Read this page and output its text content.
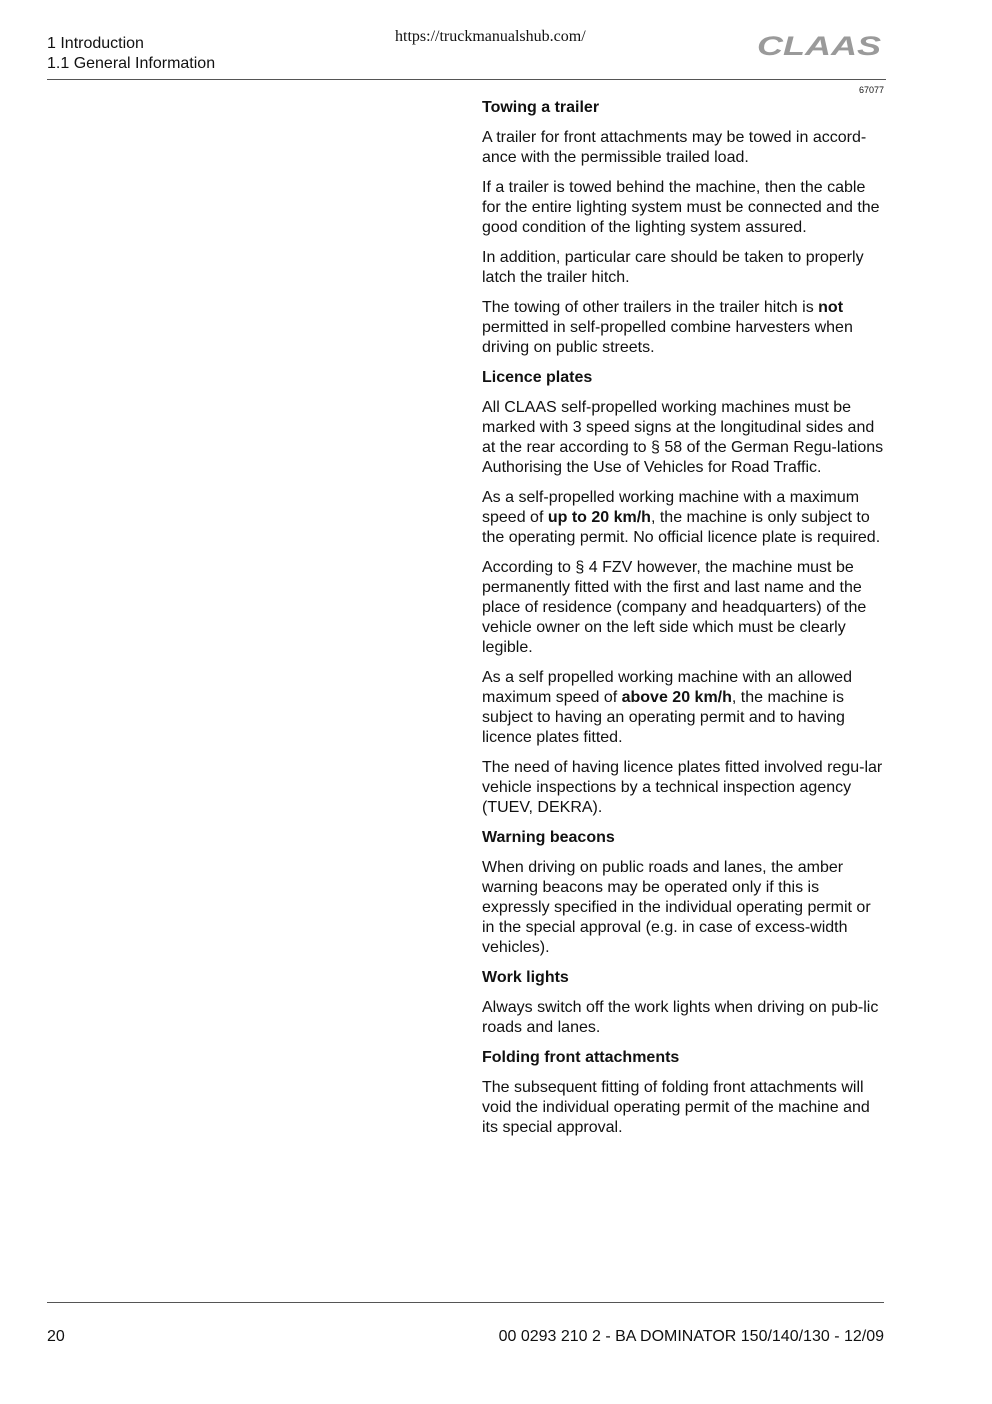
1 Introduction
1.1 General Information
https://truckmanualshub.com/	CLAAS
67077
Towing a trailer

A trailer for front attachments may be towed in accord-ance with the permissible trailed load.

If a trailer is towed behind the machine, then the cable for the entire lighting system must be connected and the good condition of the lighting system assured.

In addition, particular care should be taken to properly latch the trailer hitch.

The towing of other trailers in the trailer hitch is not permitted in self-propelled combine harvesters when driving on public streets.

Licence plates

All CLAAS self-propelled working machines must be marked with 3 speed signs at the longitudinal sides and at the rear according to § 58 of the German Regu-lations Authorising the Use of Vehicles for Road Traffic.

As a self-propelled working machine with a maximum speed of up to 20 km/h, the machine is only subject to the operating permit. No official licence plate is required.

According to § 4 FZV however, the machine must be permanently fitted with the first and last name and the place of residence (company and headquarters) of the vehicle owner on the left side which must be clearly legible.

As a self propelled working machine with an allowed maximum speed of above 20 km/h, the machine is subject to having an operating permit and to having licence plates fitted.

The need of having licence plates fitted involved regu-lar vehicle inspections by a technical inspection agency (TUEV, DEKRA).

Warning beacons

When driving on public roads and lanes, the amber warning beacons may be operated only if this is expressly specified in the individual operating permit or in the special approval (e.g. in case of excess-width vehicles).

Work lights

Always switch off the work lights when driving on pub-lic roads and lanes.

Folding front attachments

The subsequent fitting of folding front attachments will void the individual operating permit of the machine and its special approval.

20	00 0293 210 2 - BA DOMINATOR 150/140/130 - 12/09
